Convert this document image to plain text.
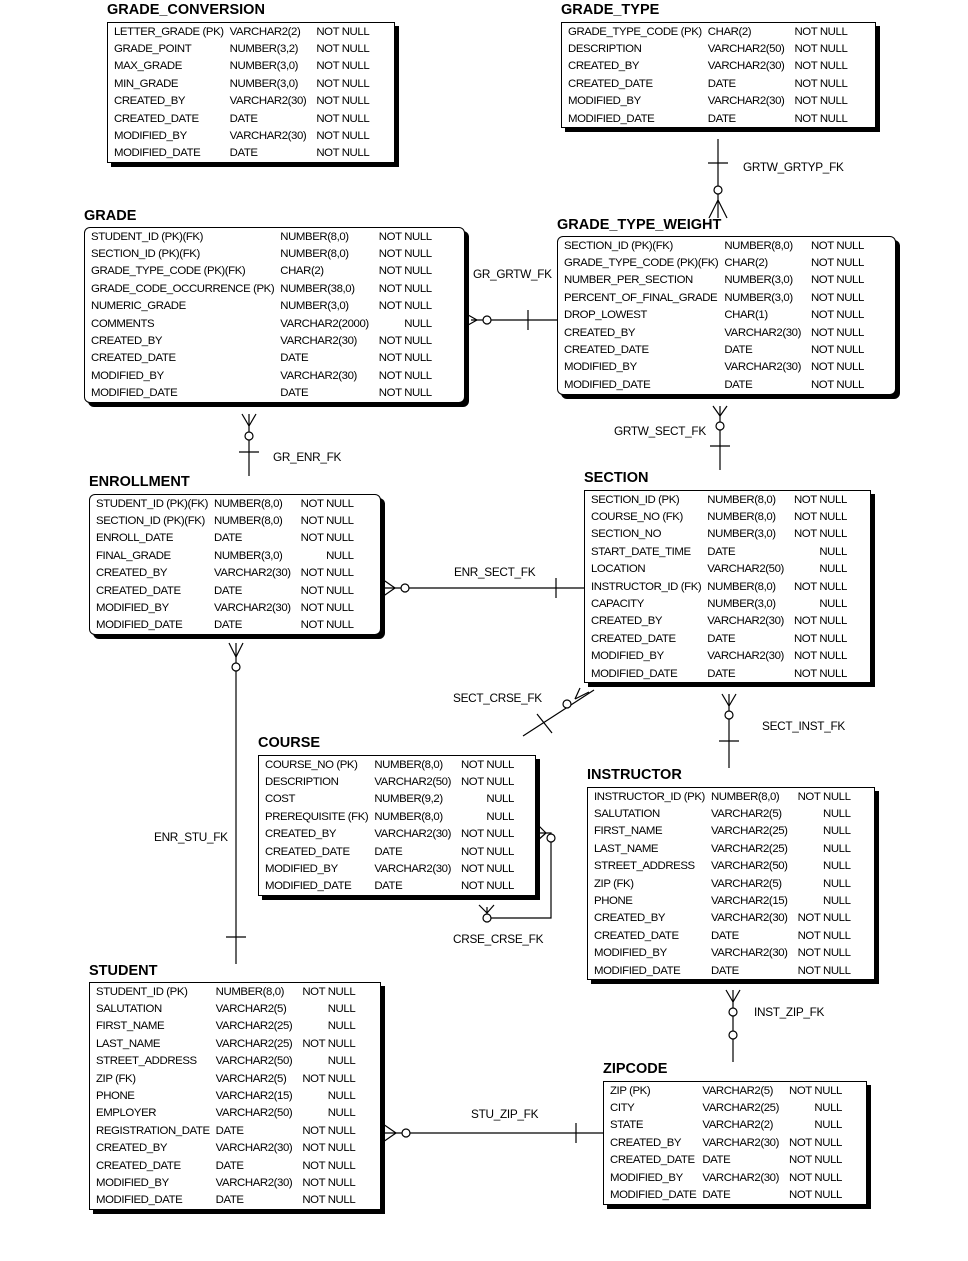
GRADE_CONVERSION	GRADE_TYPE
GRADE
GRADE_TYPE_WEIGHT
ENROLLMENT	SECTION
COURSE
INSTRUCTOR
STUDENT
ZIPCODE
LETTER_GRADE (PK)	VARCHAR2(2)	NOT NULL
GRADE_POINT	NUMBER(3,2)	NOT NULL
MAX_GRADE	NUMBER(3,0)	NOT NULL
MIN_GRADE	NUMBER(3,0)	NOT NULL
CREATED_BY	VARCHAR2(30)	NOT NULL
CREATED_DATE	DATE	NOT NULL
MODIFIED_BY	VARCHAR2(30)	NOT NULL
MODIFIED_DATE	DATE	NOT NULL
GRADE_TYPE_CODE (PK)	CHAR(2)	NOT NULL
DESCRIPTION	VARCHAR2(50)	NOT NULL
CREATED_BY	VARCHAR2(30)	NOT NULL
CREATED_DATE	DATE	NOT NULL
MODIFIED_BY	VARCHAR2(30)	NOT NULL
MODIFIED_DATE	DATE	NOT NULL
STUDENT_ID (PK)(FK)	NUMBER(8,0)	NOT NULL
SECTION_ID (PK)(FK)	NUMBER(8,0)	NOT NULL
GRADE_TYPE_CODE (PK)(FK)	CHAR(2)	NOT NULL
GRADE_CODE_OCCURRENCE (PK)	NUMBER(38,0)	NOT NULL
NUMERIC_GRADE	NUMBER(3,0)	NOT NULL
COMMENTS	VARCHAR2(2000)	NULL
CREATED_BY	VARCHAR2(30)	NOT NULL
CREATED_DATE	DATE	NOT NULL
MODIFIED_BY	VARCHAR2(30)	NOT NULL
MODIFIED_DATE	DATE	NOT NULL
SECTION_ID (PK)(FK)	NUMBER(8,0)	NOT NULL
GRADE_TYPE_CODE (PK)(FK)	CHAR(2)	NOT NULL
NUMBER_PER_SECTION	NUMBER(3,0)	NOT NULL
PERCENT_OF_FINAL_GRADE	NUMBER(3,0)	NOT NULL
DROP_LOWEST	CHAR(1)	NOT NULL
CREATED_BY	VARCHAR2(30)	NOT NULL
CREATED_DATE	DATE	NOT NULL
MODIFIED_BY	VARCHAR2(30)	NOT NULL
MODIFIED_DATE	DATE	NOT NULL
STUDENT_ID (PK)(FK)	NUMBER(8,0)	NOT NULL
SECTION_ID (PK)(FK)	NUMBER(8,0)	NOT NULL
ENROLL_DATE	DATE	NOT NULL
FINAL_GRADE	NUMBER(3,0)	NULL
CREATED_BY	VARCHAR2(30)	NOT NULL
CREATED_DATE	DATE	NOT NULL
MODIFIED_BY	VARCHAR2(30)	NOT NULL
MODIFIED_DATE	DATE	NOT NULL
SECTION_ID (PK)	NUMBER(8,0)	NOT NULL
COURSE_NO (FK)	NUMBER(8,0)	NOT NULL
SECTION_NO	NUMBER(3,0)	NOT NULL
START_DATE_TIME	DATE	NULL
LOCATION	VARCHAR2(50)	NULL
INSTRUCTOR_ID (FK)	NUMBER(8,0)	NOT NULL
CAPACITY	NUMBER(3,0)	NULL
CREATED_BY	VARCHAR2(30)	NOT NULL
CREATED_DATE	DATE	NOT NULL
MODIFIED_BY	VARCHAR2(30)	NOT NULL
MODIFIED_DATE	DATE	NOT NULL
COURSE_NO (PK)	NUMBER(8,0)	NOT NULL
DESCRIPTION	VARCHAR2(50)	NOT NULL
COST	NUMBER(9,2)	NULL
PREREQUISITE (FK)	NUMBER(8,0)	NULL
CREATED_BY	VARCHAR2(30)	NOT NULL
CREATED_DATE	DATE	NOT NULL
MODIFIED_BY	VARCHAR2(30)	NOT NULL
MODIFIED_DATE	DATE	NOT NULL
INSTRUCTOR_ID (PK)	NUMBER(8,0)	NOT NULL
SALUTATION	VARCHAR2(5)	NULL
FIRST_NAME	VARCHAR2(25)	NULL
LAST_NAME	VARCHAR2(25)	NULL
STREET_ADDRESS	VARCHAR2(50)	NULL
ZIP (FK)	VARCHAR2(5)	NULL
PHONE	VARCHAR2(15)	NULL
CREATED_BY	VARCHAR2(30)	NOT NULL
CREATED_DATE	DATE	NOT NULL
MODIFIED_BY	VARCHAR2(30)	NOT NULL
MODIFIED_DATE	DATE	NOT NULL
STUDENT_ID (PK)	NUMBER(8,0)	NOT NULL
SALUTATION	VARCHAR2(5)	NULL
FIRST_NAME	VARCHAR2(25)	NULL
LAST_NAME	VARCHAR2(25)	NOT NULL
STREET_ADDRESS	VARCHAR2(50)	NULL
ZIP (FK)	VARCHAR2(5)	NOT NULL
PHONE	VARCHAR2(15)	NULL
EMPLOYER	VARCHAR2(50)	NULL
REGISTRATION_DATE	DATE	NOT NULL
CREATED_BY	VARCHAR2(30)	NOT NULL
CREATED_DATE	DATE	NOT NULL
MODIFIED_BY	VARCHAR2(30)	NOT NULL
MODIFIED_DATE	DATE	NOT NULL
ZIP (PK)	VARCHAR2(5)	NOT NULL
CITY	VARCHAR2(25)	NULL
STATE	VARCHAR2(2)	NULL
CREATED_BY	VARCHAR2(30)	NOT NULL
CREATED_DATE	DATE	NOT NULL
MODIFIED_BY	VARCHAR2(30)	NOT NULL
MODIFIED_DATE	DATE	NOT NULL
GRTW_GRTYP_FK
GR_GRTW_FK
GRTW_SECT_FK
GR_ENR_FK
ENR_SECT_FK
SECT_CRSE_FK
SECT_INST_FK
ENR_STU_FK
CRSE_CRSE_FK
INST_ZIP_FK
STU_ZIP_FK
